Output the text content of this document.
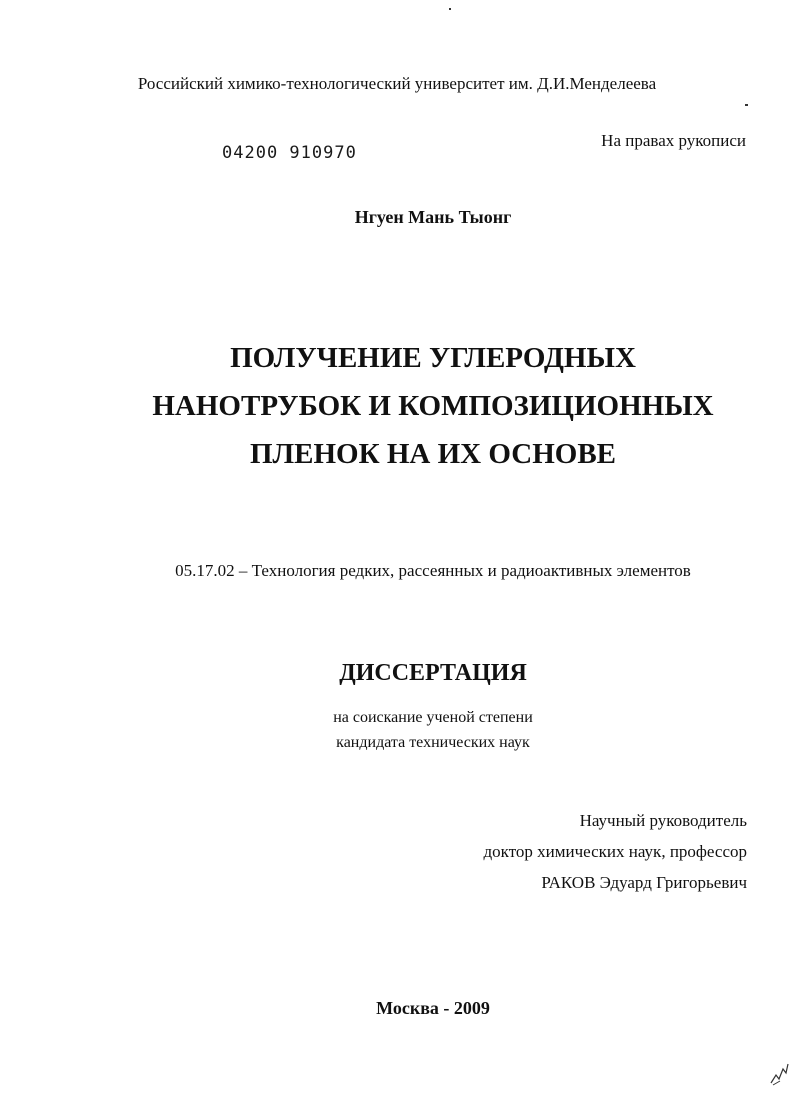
Российский химико-технологический университет им. Д.И.Менделеева
На правах рукописи
04200 910970
Нгуен Мань Тыонг
ПОЛУЧЕНИЕ УГЛЕРОДНЫХ
НАНОТРУБОК И КОМПОЗИЦИОННЫХ
ПЛЕНОК НА ИХ ОСНОВЕ
05.17.02 – Технология редких, рассеянных и радиоактивных элементов
ДИССЕРТАЦИЯ
на соискание ученой степени
кандидата технических наук
Научный руководитель
доктор химических наук, профессор
РАКОВ Эдуард Григорьевич
Москва - 2009
